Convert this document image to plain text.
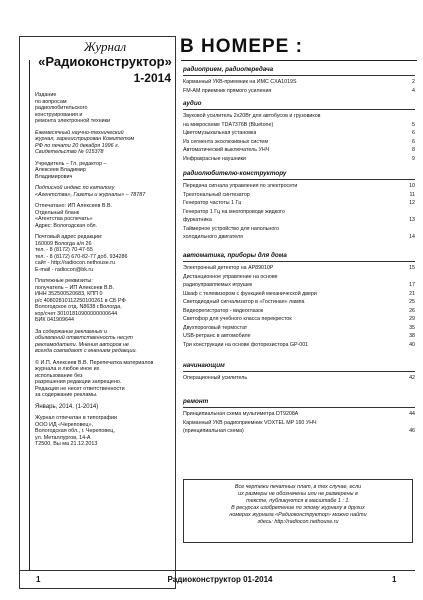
Журнал
«Радиоконструктор»
1-2014

Издание

по вопросам

радиолюбительского

конструирования и

ремонта электронной техники

Ежемесячный научно-технический

журнал, зарегистрирован Комитетом

РФ по печати 20 декабря 1996 г.

Свидетельство № 015378

Учредитель – Гл. редактор –

Алексеев Владимир

Владимирович

Подписной индекс по каталогу

«Агентства», Газеты и журналы» – 78787

Отпечатано: ИП Алексеев В.В.

Отдельный бланк

«Агентства роспечать»

Адрес: Вологодская обл.

Почтовый адрес редакции:

160009 Вологда а/я 26

тел. - 8 (8172) 70-47-55

тел. - 8 (8172) 670-82-77 доб. 934286

сайт - http://radiocon.nethouse.ru

E-mail - radiocon@bk.ru

Платежные реквизиты:

получатель – ИП Алексеев В.В.

ИНН 352500520683, КПП 0

р/с 40802810112250100261 в СБ РФ

Вологодское отд. N8638 г.Вологда,

кор/счет 30101810900000000644

БИК 041909644

За содержание рекламных и

объявлений ответственность несут

рекламодатели. Мнения авторов не

всегда совпадают с мнением редакции.

© И.П. Алексеев В.В. Перепечатка материалов

журнала и любое иное их

использование без

разрешения редакции запрещено.

Редакция не несет ответственности

за содержание рекламы.

Январь, 2014. (1-2014)

Журнал отпечатан в типографии

ООО ИД «Череповец»,

Вологодская обл., г. Череповец,

ул. Металлургов, 14-А

Т2500. Вы ма 21.12.2013

В НОМЕРЕ :
радиоприем, радиопередача
Карманный УКВ-приемник на ИМС CXA1019S	2
FM-АМ приемник прямого усиления	4
аудио
Звуковой усилитель 2х20Вт для автобусов и грузовиков
на микросхеме TDA7376B (Bluetone)	5
Цветомузыкальная установка	6
Из сегмента эксклюзивных систем	6
Автоматический выключатель УНЧ	8
Инфракрасные наушники	9
радиолюбителю-конструктору
Передача сигнала управления по электросети	10
Трехтональный синтезатор	11
Генератор частоты 1 Гц	12
Генератор 1 Гц на многопроводе жидкого
фуркатника	13
Таймерное устройство для напольного
холодильного двигателя	14
автоматика, приборы для дома
Электронный детектор на AP89010P	15
Дистанционное управление на основе
радиоуправляемых игрушек	17
Шкаф с телевизором с функцией механической двери	21
Светодиодный сигнализатор в «Гостиная» лампа	25
Видеорегистратор - видеоглазок	26
Светофор для учебного класса перекресток	29
Двухпороговый термостат	35
USB-ретранс в автомобиле	38
Три конструкции на основе фоторезистора GP-001	40
начинающим
Операционный усилитель	42
ремонт
Принципиальная схема мультиметра DT9208A	44
Карманный УКВ радиоприемник VOXTEL MP 160 УНЧ
(принципиальная схема)	46
Все чертежи печатных плат, в тех случае, если
их размеры не обозначены или не размерены в
тексте, публикуются в масштабе 1 : 1.
В ресурсах изобретение по этому журналу в других
номерах журнала «Радиоконструктор» можно найти
здесь: http://radiocon.nethouse.ru
1	Радиоконструктор 01-2014	1
